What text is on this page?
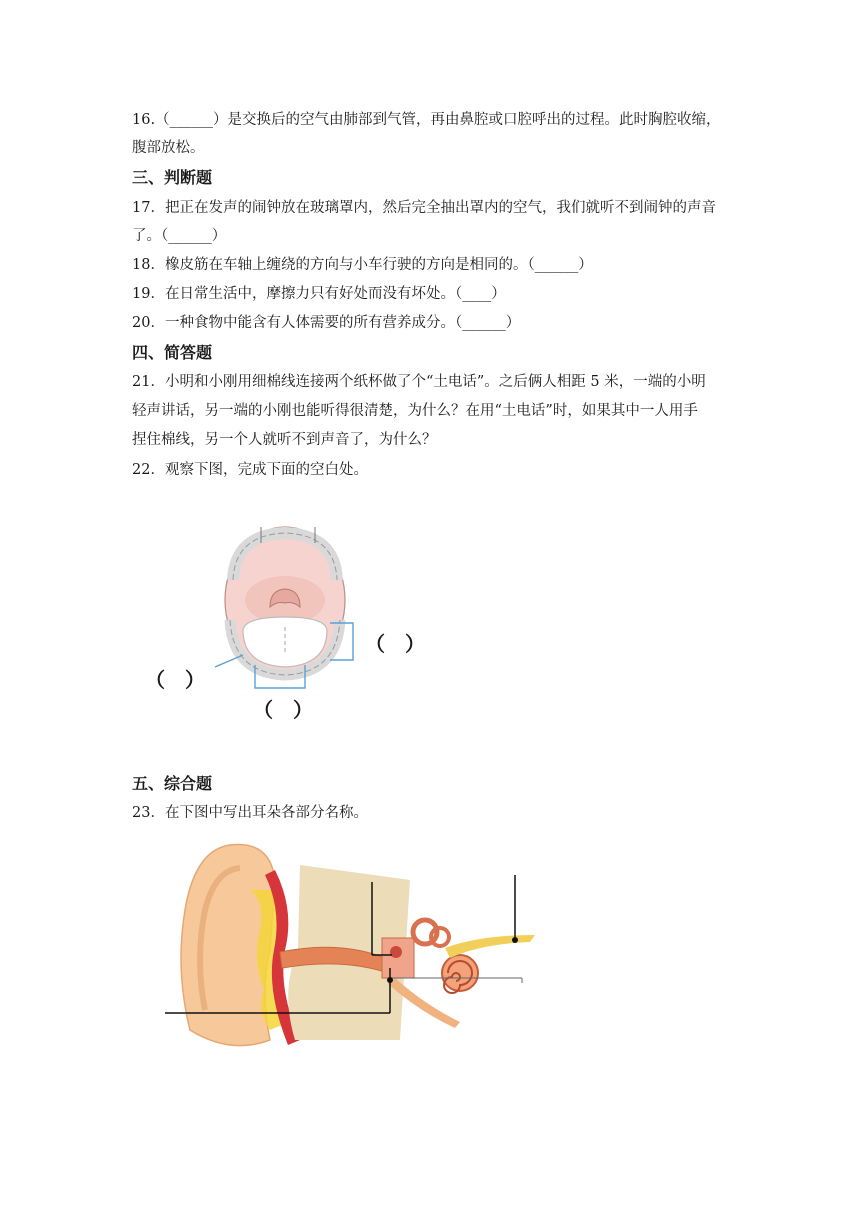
16.（______）是交换后的空气由肺部到气管，再由鼻腔或口腔呼出的过程。此时胸腔收缩，
腹部放松。
三、判断题
17．把正在发声的闹钟放在玻璃罩内，然后完全抽出罩内的空气，我们就听不到闹钟的声音
了。（______）
18．橡皮筋在车轴上缠绕的方向与小车行驶的方向是相同的。（______）
19．在日常生活中，摩擦力只有好处而没有坏处。（____）
20．一种食物中能含有人体需要的所有营养成分。（______）
四、简答题
21．小明和小刚用细棉线连接两个纸杯做了个“土电话”。之后俩人相距 5 米，一端的小明
轻声讲话，另一端的小刚也能听得很清楚，为什么？在用“土电话”时，如果其中一人用手
捏住棉线，另一个人就听不到声音了，为什么？
22．观察下图，完成下面的空白处。
（　）
（　）
（　）
五、综合题
23．在下图中写出耳朵各部分名称。
